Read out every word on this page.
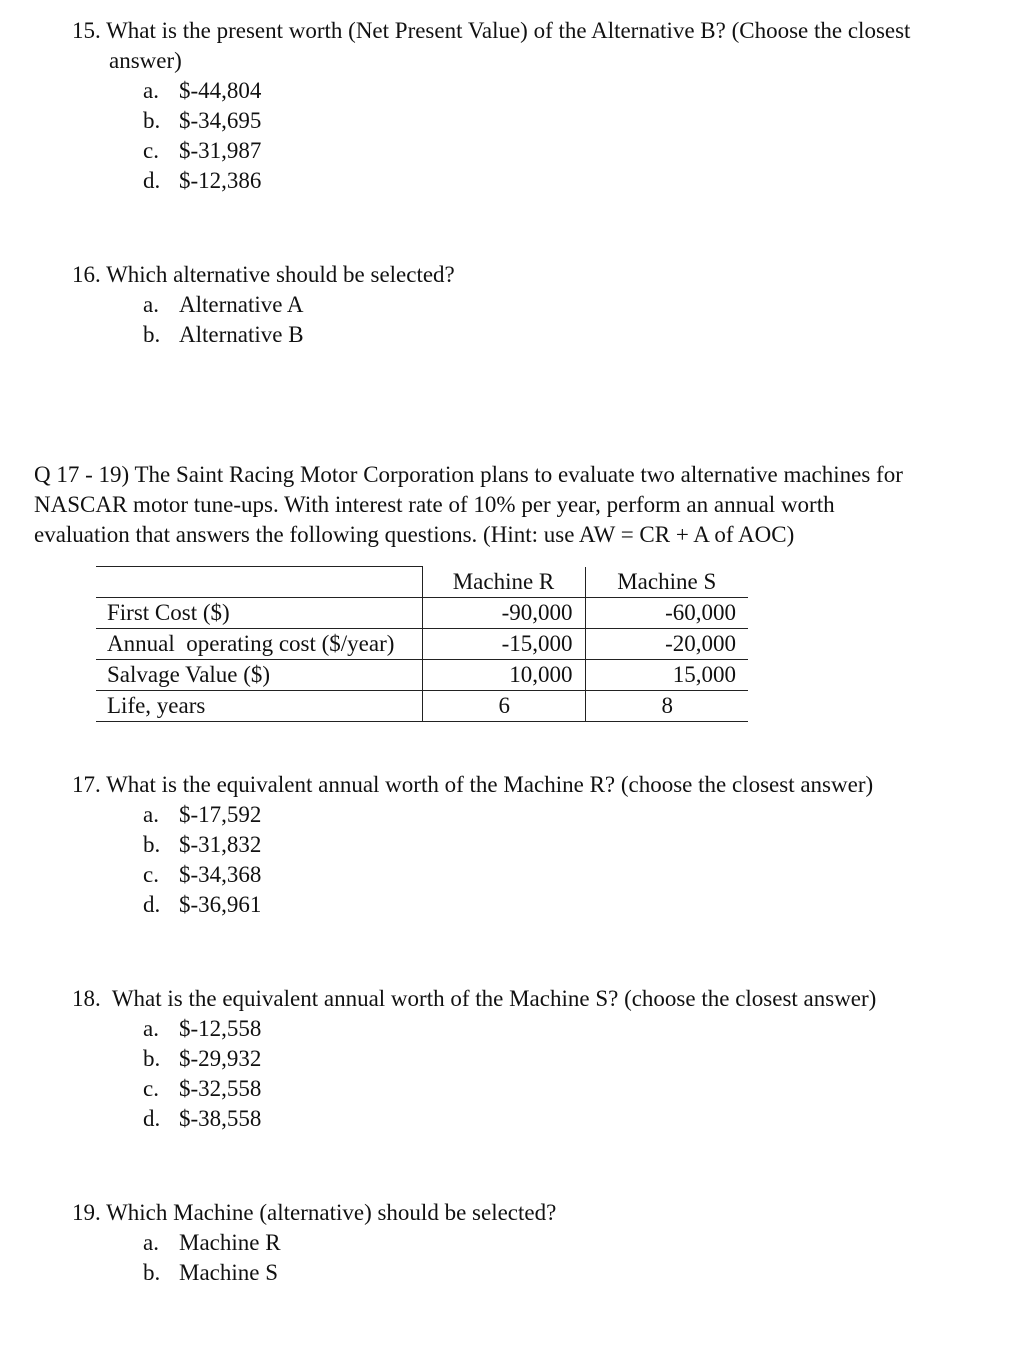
15. What is the present worth (Net Present Value) of the Alternative B? (Choose the closest
answer)
a. $-44,804
b. $-34,695
c. $-31,987
d. $-12,386
16. Which alternative should be selected?
a. Alternative A
b. Alternative B
Q 17 - 19) The Saint Racing Motor Corporation plans to evaluate two alternative machines for
NASCAR motor tune-ups. With interest rate of 10% per year, perform an annual worth
evaluation that answers the following questions. (Hint: use AW = CR + A of AOC)
	Machine R	Machine S
First Cost ($)	-90,000	-60,000
Annual  operating cost ($/year)	-15,000	-20,000
Salvage Value ($)	10,000	15,000
Life, years	6	8
17. What is the equivalent annual worth of the Machine R? (choose the closest answer)
a. $-17,592
b. $-31,832
c. $-34,368
d. $-36,961
18.  What is the equivalent annual worth of the Machine S? (choose the closest answer)
a. $-12,558
b. $-29,932
c. $-32,558
d. $-38,558
19. Which Machine (alternative) should be selected?
a. Machine R
b. Machine S
